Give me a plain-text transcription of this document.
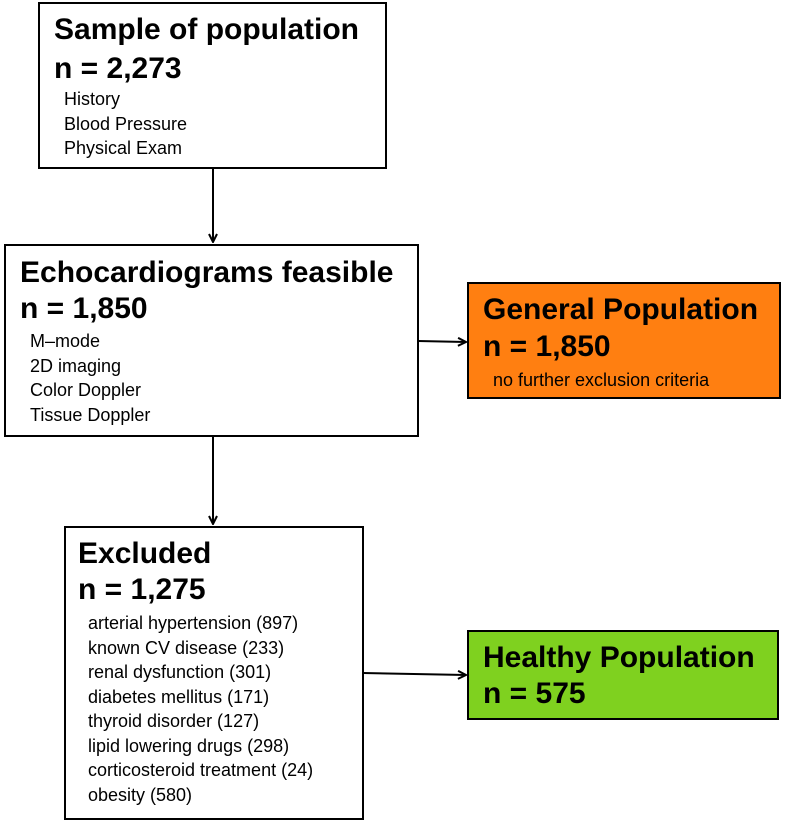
Sample of population
n = 2,273
History
Blood Pressure
Physical Exam
Echocardiograms feasible
n = 1,850
M–mode
2D imaging
Color Doppler
Tissue Doppler
General Population
n = 1,850
no further exclusion criteria
Excluded
n = 1,275
arterial hypertension (897)
known CV disease (233)
renal dysfunction (301)
diabetes mellitus (171)
thyroid disorder (127)
lipid lowering drugs (298)
corticosteroid treatment (24)
obesity (580)
Healthy Population
n = 575
